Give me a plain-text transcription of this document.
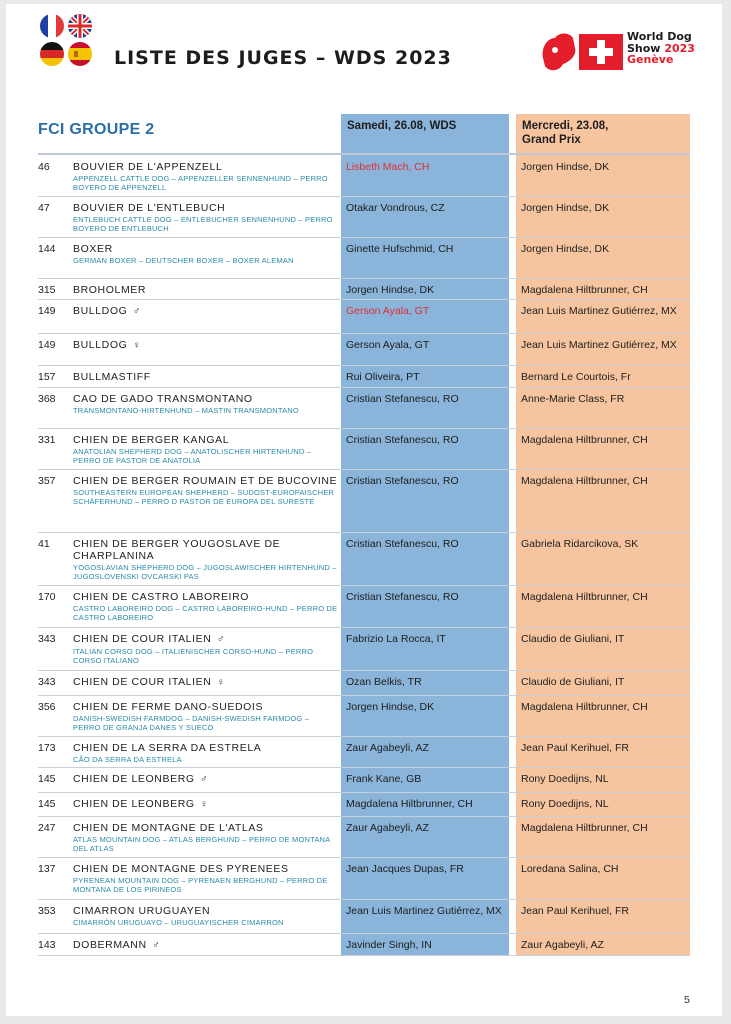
LISTE DES JUGES – WDS 2023
World Dog
Show 2023
Genève
FCI GROUPE 2	Samedi, 26.08, WDS	Mercredi, 23.08,
Grand Prix
46 BOUVIER DE L'APPENZELL
APPENZELL CATTLE DOG – APPENZELLER SENNENHUND – PERRO BOYERO DE APPENZELL
Lisbeth Mach, CH	Jorgen Hindse, DK
47 BOUVIER DE L'ENTLEBUCH
ENTLEBUCH CATTLE DOG – ENTLEBUCHER SENNENHUND – PERRO BOYERO DE ENTLEBUCH
Otakar Vondrous, CZ	Jorgen Hindse, DK
144 BOXER
GERMAN BOXER – DEUTSCHER BOXER – BOXER ALEMAN
Ginette Hufschmid, CH	Jorgen Hindse, DK
315 BROHOLMER	Jorgen Hindse, DK	Magdalena Hiltbrunner, CH
149 BULLDOG ♂	Gerson Ayala, GT	Jean Luis Martinez Gutiérrez, MX
149 BULLDOG ♀	Gerson Ayala, GT	Jean Luis Martinez Gutiérrez, MX
157 BULLMASTIFF	Rui Oliveira, PT	Bernard Le Courtois, Fr
368 CAO DE GADO TRANSMONTANO
TRANSMONTANO-HIRTENHUND – MASTIN TRANSMONTANO
Cristian Stefanescu, RO	Anne-Marie Class, FR
331 CHIEN DE BERGER KANGAL
ANATOLIAN SHEPHERD DOG – ANATOLISCHER HIRTENHUND – PERRO DE PASTOR DE ANATOLIA
Cristian Stefanescu, RO	Magdalena Hiltbrunner, CH
357 CHIEN DE BERGER ROUMAIN ET DE BUCOVINE
SOUTHEASTERN EUROPEAN SHEPHERD – SUDOST-EUROPAISCHER SCHÄFERHUND – PERRO D PASTOR DE EUROPA DEL SURESTE
Cristian Stefanescu, RO	Magdalena Hiltbrunner, CH
41 CHIEN DE BERGER YOUGOSLAVE DE CHARPLANINA
YOGOSLAVIAN SHEPHERD DOG – JUGOSLAWISCHER HIRTENHUND – JUGOSLOVENSKI OVCARSKI PAS
Cristian Stefanescu, RO	Gabriela Ridarcikova, SK
170 CHIEN DE CASTRO LABOREIRO
CASTRO LABOREIRO DOG – CASTRO LABOREIRO-HUND – PERRO DE CASTRO LABOREIRO
Cristian Stefanescu, RO	Magdalena Hiltbrunner, CH
343 CHIEN DE COUR ITALIEN ♂
ITALIAN CORSO DOG – ITALIENISCHER CORSO-HUND – PERRO CORSO ITALIANO
Fabrizio La Rocca, IT	Claudio de Giuliani, IT
343 CHIEN DE COUR ITALIEN ♀	Ozan Belkis, TR	Claudio de Giuliani, IT
356 CHIEN DE FERME DANO-SUEDOIS
DANISH-SWEDISH FARMDOG – DANISH-SWEDISH FARMDOG – PERRO DE GRANJA DANES Y SUECO
Jorgen Hindse, DK	Magdalena Hiltbrunner, CH
173 CHIEN DE LA SERRA DA ESTRELA
CÃO DA SERRA DA ESTRELA
Zaur Agabeyli, AZ	Jean Paul Kerihuel, FR
145 CHIEN DE LEONBERG ♂	Frank Kane, GB	Rony Doedijns, NL
145 CHIEN DE LEONBERG ♀	Magdalena Hiltbrunner, CH	Rony Doedijns, NL
247 CHIEN DE MONTAGNE DE L'ATLAS
ATLAS MOUNTAIN DOG – ATLAS BERGHUND – PERRO DE MONTANA DEL ATLAS
Zaur Agabeyli, AZ	Magdalena Hiltbrunner, CH
137 CHIEN DE MONTAGNE DES PYRENEES
PYRENEAN MOUNTAIN DOG – PYRENAEN BERGHUND – PERRO DE MONTANA DE LOS PIRINEOS
Jean Jacques Dupas, FR	Loredana Salina, CH
353 CIMARRON URUGUAYEN
CIMARRÓN URUGUAYO – URUGUAYISCHER CIMARRON
Jean Luis Martinez Gutiérrez, MX	Jean Paul Kerihuel, FR
143 DOBERMANN ♂	Javinder Singh, IN	Zaur Agabeyli, AZ
5
